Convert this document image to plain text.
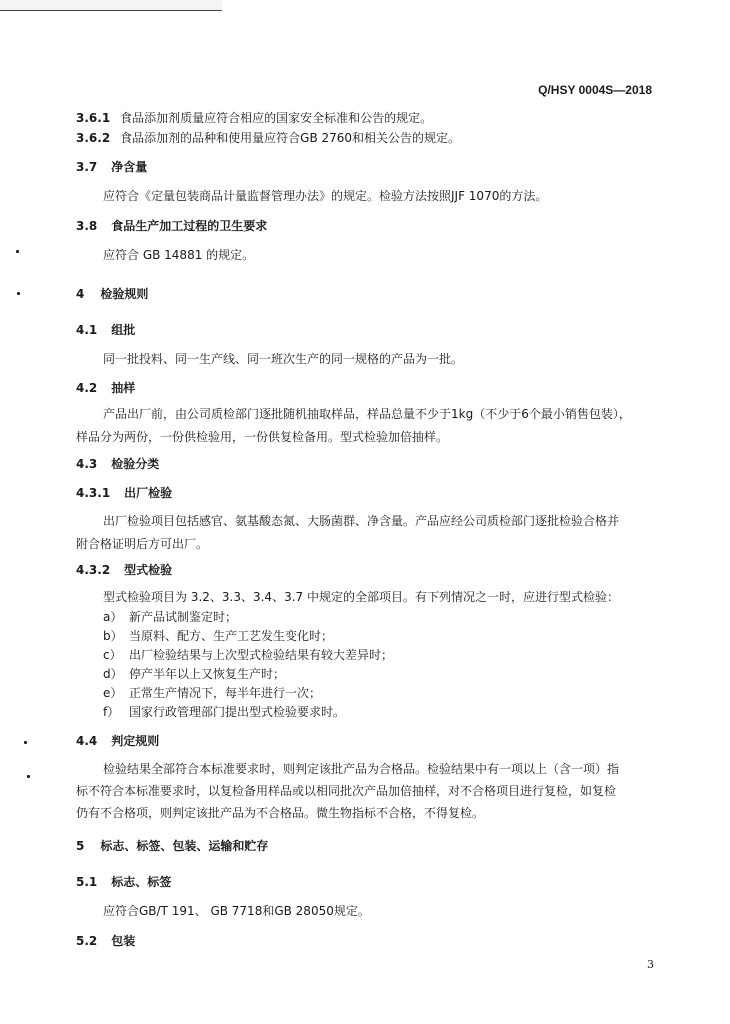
Q/HSY 0004S—2018
3.6.1 食品添加剂质量应符合相应的国家安全标准和公告的规定。
3.6.2 食品添加剂的品种和使用量应符合GB 2760和相关公告的规定。
3.7 净含量
应符合《定量包装商品计量监督管理办法》的规定。检验方法按照JJF 1070的方法。
3.8 食品生产加工过程的卫生要求
应符合 GB 14881 的规定。
4 检验规则
4.1 组批
同一批投料、同一生产线、同一班次生产的同一规格的产品为一批。
4.2 抽样
产品出厂前，由公司质检部门逐批随机抽取样品，样品总量不少于1kg（不少于6个最小销售包装），
样品分为两份，一份供检验用，一份供复检备用。型式检验加倍抽样。
4.3 检验分类
4.3.1 出厂检验
出厂检验项目包括感官、氨基酸态氮、大肠菌群、净含量。产品应经公司质检部门逐批检验合格并
附合格证明后方可出厂。
4.3.2 型式检验
型式检验项目为 3.2、3.3、3.4、3.7 中规定的全部项目。有下列情况之一时，应进行型式检验：
a） 新产品试制鉴定时；
b） 当原料、配方、生产工艺发生变化时；
c） 出厂检验结果与上次型式检验结果有较大差异时；
d） 停产半年以上又恢复生产时；
e） 正常生产情况下，每半年进行一次；
f） 国家行政管理部门提出型式检验要求时。
4.4 判定规则
检验结果全部符合本标准要求时，则判定该批产品为合格品。检验结果中有一项以上（含一项）指
标不符合本标准要求时，以复检备用样品或以相同批次产品加倍抽样，对不合格项目进行复检，如复检
仍有不合格项，则判定该批产品为不合格品。微生物指标不合格，不得复检。
5 标志、标签、包装、运输和贮存
5.1 标志、标签
应符合GB/T 191、 GB 7718和GB 28050规定。
5.2 包装
3
